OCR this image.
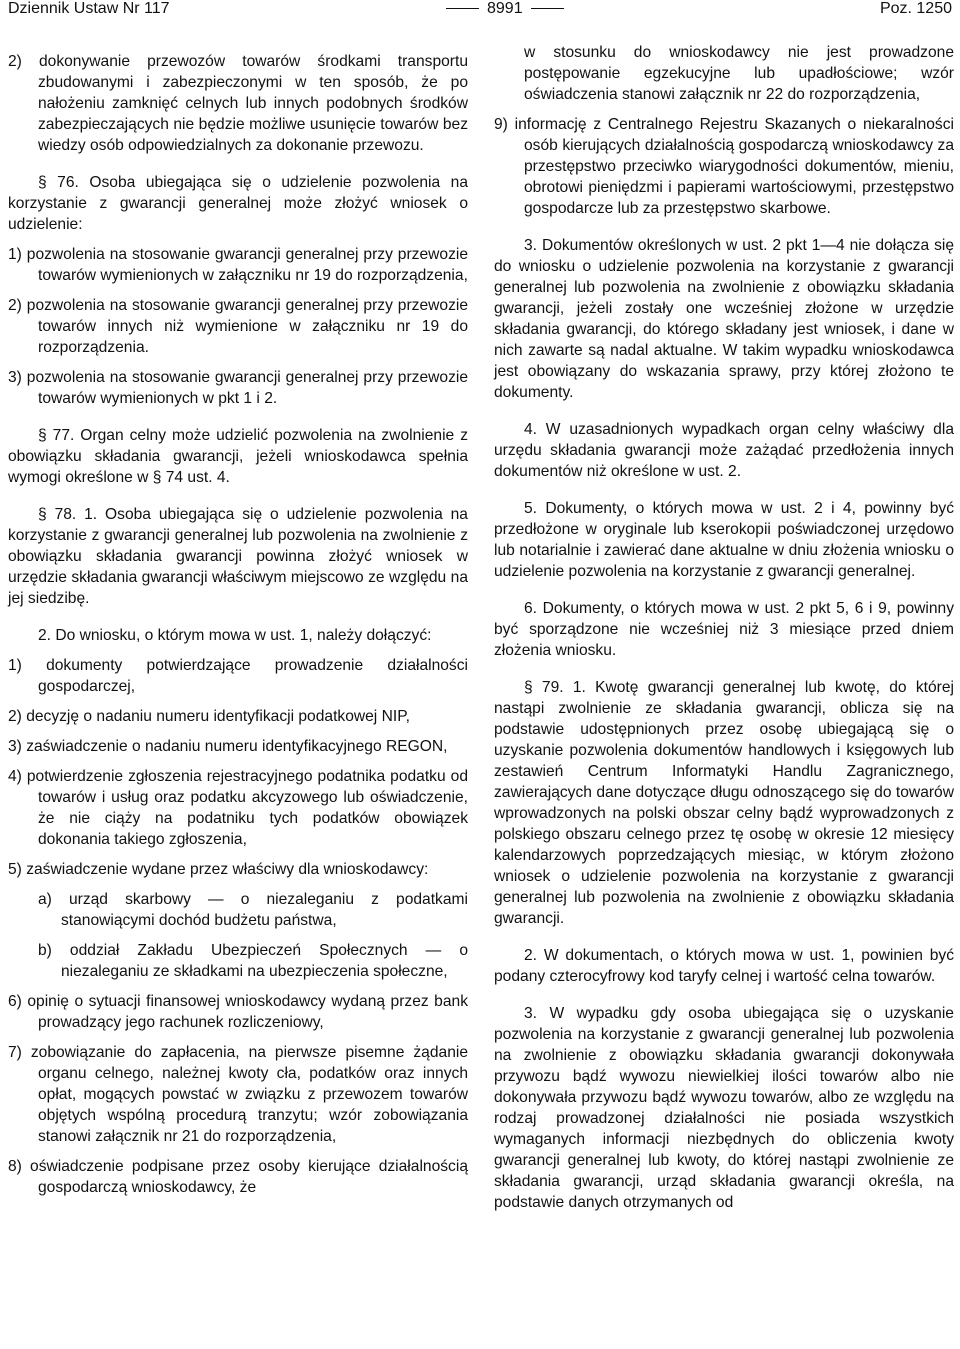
Dziennik Ustaw Nr 117	8991	Poz. 1250

2) dokonywanie przewozów towarów środkami transportu zbudowanymi i zabezpieczonymi w ten sposób, że po nałożeniu zamknięć celnych lub innych podobnych środków zabezpieczających nie będzie możliwe usunięcie towarów bez wiedzy osób odpowiedzialnych za dokonanie przewozu.

§ 76. Osoba ubiegająca się o udzielenie pozwolenia na korzystanie z gwarancji generalnej może złożyć wniosek o udzielenie:

1) pozwolenia na stosowanie gwarancji generalnej przy przewozie towarów wymienionych w załączniku nr 19 do rozporządzenia,

2) pozwolenia na stosowanie gwarancji generalnej przy przewozie towarów innych niż wymienione w załączniku nr 19 do rozporządzenia.

3) pozwolenia na stosowanie gwarancji generalnej przy przewozie towarów wymienionych w pkt 1 i 2.

§ 77. Organ celny może udzielić pozwolenia na zwolnienie z obowiązku składania gwarancji, jeżeli wnioskodawca spełnia wymogi określone w § 74 ust. 4.

§ 78. 1. Osoba ubiegająca się o udzielenie pozwolenia na korzystanie z gwarancji generalnej lub pozwolenia na zwolnienie z obowiązku składania gwarancji powinna złożyć wniosek w urzędzie składania gwarancji właściwym miejscowo ze względu na jej siedzibę.

2. Do wniosku, o którym mowa w ust. 1, należy dołączyć:

1) dokumenty potwierdzające prowadzenie działalności gospodarczej,

2) decyzję o nadaniu numeru identyfikacji podatkowej NIP,

3) zaświadczenie o nadaniu numeru identyfikacyjnego REGON,

4) potwierdzenie zgłoszenia rejestracyjnego podatnika podatku od towarów i usług oraz podatku akcyzowego lub oświadczenie, że nie ciąży na podatniku tych podatków obowiązek dokonania takiego zgłoszenia,

5) zaświadczenie wydane przez właściwy dla wnioskodawcy:

a) urząd skarbowy — o niezaleganiu z podatkami stanowiącymi dochód budżetu państwa,
b) oddział Zakładu Ubezpieczeń Społecznych — o niezaleganiu ze składkami na ubezpieczenia społeczne,

6) opinię o sytuacji finansowej wnioskodawcy wydaną przez bank prowadzący jego rachunek rozliczeniowy,

7) zobowiązanie do zapłacenia, na pierwsze pisemne żądanie organu celnego, należnej kwoty cła, podatków oraz innych opłat, mogących powstać w związku z przewozem towarów objętych wspólną procedurą tranzytu; wzór zobowiązania stanowi załącznik nr 21 do rozporządzenia,

8) oświadczenie podpisane przez osoby kierujące działalnością gospodarczą wnioskodawcy, że

w stosunku do wnioskodawcy nie jest prowadzone postępowanie egzekucyjne lub upadłościowe; wzór oświadczenia stanowi załącznik nr 22 do rozporządzenia,

9) informację z Centralnego Rejestru Skazanych o niekaralności osób kierujących działalnością gospodarczą wnioskodawcy za przestępstwo przeciwko wiarygodności dokumentów, mieniu, obrotowi pieniędzmi i papierami wartościowymi, przestępstwo gospodarcze lub za przestępstwo skarbowe.

3. Dokumentów określonych w ust. 2 pkt 1—4 nie dołącza się do wniosku o udzielenie pozwolenia na korzystanie z gwarancji generalnej lub pozwolenia na zwolnienie z obowiązku składania gwarancji, jeżeli zostały one wcześniej złożone w urzędzie składania gwarancji, do którego składany jest wniosek, i dane w nich zawarte są nadal aktualne. W takim wypadku wnioskodawca jest obowiązany do wskazania sprawy, przy której złożono te dokumenty.

4. W uzasadnionych wypadkach organ celny właściwy dla urzędu składania gwarancji może zażądać przedłożenia innych dokumentów niż określone w ust. 2.

5. Dokumenty, o których mowa w ust. 2 i 4, powinny być przedłożone w oryginale lub kserokopii poświadczonej urzędowo lub notarialnie i zawierać dane aktualne w dniu złożenia wniosku o udzielenie pozwolenia na korzystanie z gwarancji generalnej.

6. Dokumenty, o których mowa w ust. 2 pkt 5, 6 i 9, powinny być sporządzone nie wcześniej niż 3 miesiące przed dniem złożenia wniosku.

§ 79. 1. Kwotę gwarancji generalnej lub kwotę, do której nastąpi zwolnienie ze składania gwarancji, oblicza się na podstawie udostępnionych przez osobę ubiegającą się o uzyskanie pozwolenia dokumentów handlowych i księgowych lub zestawień Centrum Informatyki Handlu Zagranicznego, zawierających dane dotyczące długu odnoszącego się do towarów wprowadzonych na polski obszar celny bądź wyprowadzonych z polskiego obszaru celnego przez tę osobę w okresie 12 miesięcy kalendarzowych poprzedzających miesiąc, w którym złożono wniosek o udzielenie pozwolenia na korzystanie z gwarancji generalnej lub pozwolenia na zwolnienie z obowiązku składania gwarancji.

2. W dokumentach, o których mowa w ust. 1, powinien być podany czterocyfrowy kod taryfy celnej i wartość celna towarów.

3. W wypadku gdy osoba ubiegająca się o uzyskanie pozwolenia na korzystanie z gwarancji generalnej lub pozwolenia na zwolnienie z obowiązku składania gwarancji dokonywała przywozu bądź wywozu niewielkiej ilości towarów albo nie dokonywała przywozu bądź wywozu towarów, albo ze względu na rodzaj prowadzonej działalności nie posiada wszystkich wymaganych informacji niezbędnych do obliczenia kwoty gwarancji generalnej lub kwoty, do której nastąpi zwolnienie ze składania gwarancji, urząd składania gwarancji określa, na podstawie danych otrzymanych od
